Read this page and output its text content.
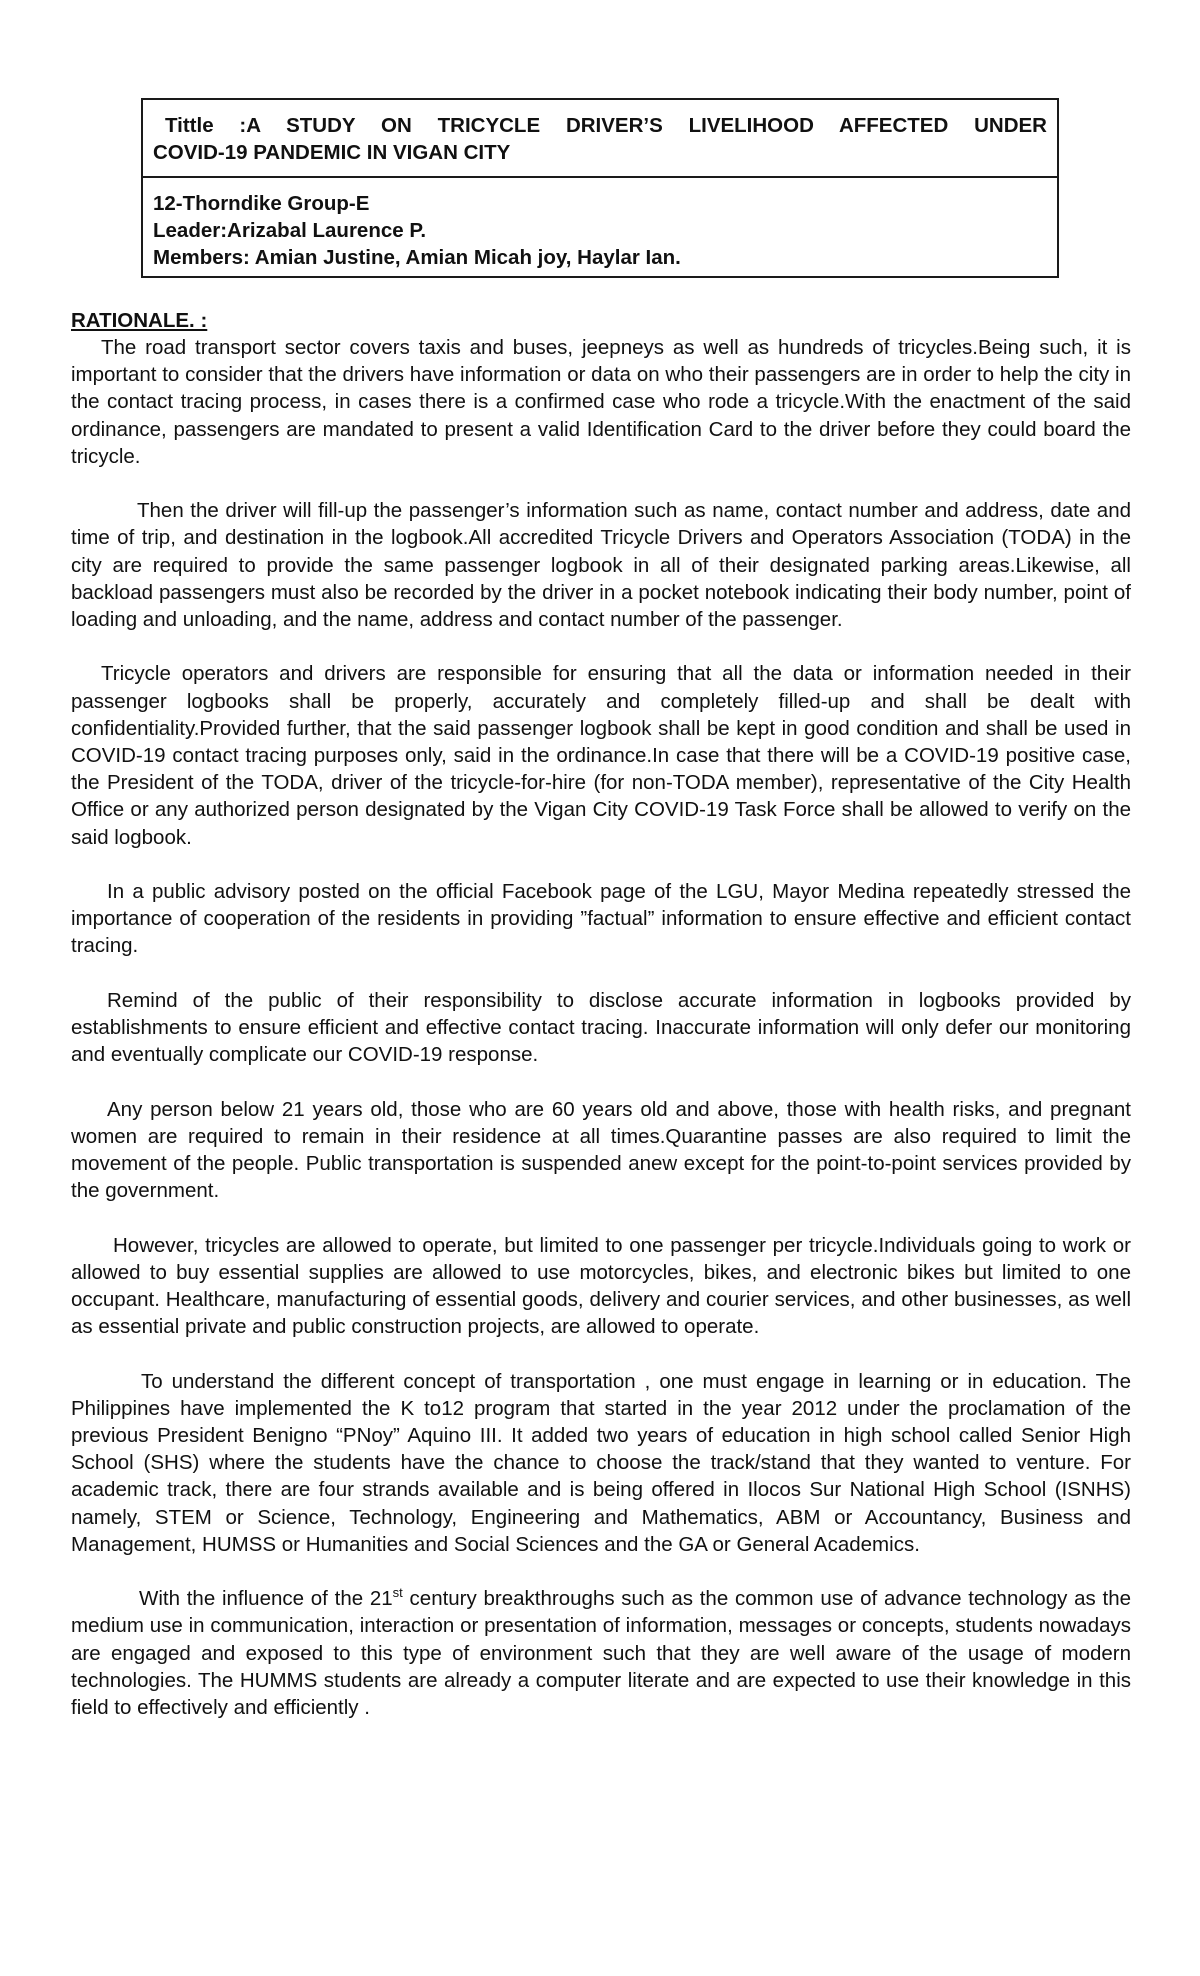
Tittle :A STUDY ON TRICYCLE DRIVER’S LIVELIHOOD AFFECTED UNDER
COVID-19 PANDEMIC IN VIGAN CITY
12-Thorndike Group-E
Leader:Arizabal Laurence P.
Members: Amian Justine, Amian Micah joy, Haylar Ian.
RATIONALE. :

The road transport sector covers taxis and buses, jeepneys as well as hundreds of tricycles.Being such, it is important to consider that the drivers have information or data on who their passengers are in order to help the city in the contact tracing process, in cases there is a confirmed case who rode a tricycle.With the enactment of the said ordinance, passengers are mandated to present a valid Identification Card to the driver before they could board the tricycle.

Then the driver will fill-up the passenger’s information such as name, contact number and address, date and time of trip, and destination in the logbook.All accredited Tricycle Drivers and Operators Association (TODA) in the city are required to provide the same passenger logbook in all of their designated parking areas.Likewise, all backload passengers must also be recorded by the driver in a pocket notebook indicating their body number, point of loading and unloading, and the name, address and contact number of the passenger.

Tricycle operators and drivers are responsible for ensuring that all the data or information needed in their passenger logbooks shall be properly, accurately and completely filled-up and shall be dealt with confidentiality.Provided further, that the said passenger logbook shall be kept in good condition and shall be used in COVID-19 contact tracing purposes only, said in the ordinance.In case that there will be a COVID-19 positive case, the President of the TODA, driver of the tricycle-for-hire (for non-TODA member), representative of the City Health Office or any authorized person designated by the Vigan City COVID-19 Task Force shall be allowed to verify on the said logbook.

In a public advisory posted on the official Facebook page of the LGU, Mayor Medina repeatedly stressed the importance of cooperation of the residents in providing ”factual” information to ensure effective and efficient contact tracing.

Remind of the public of their responsibility to disclose accurate information in logbooks provided by establishments to ensure efficient and effective contact tracing. Inaccurate information will only defer our monitoring and eventually complicate our COVID-19 response.

Any person below 21 years old, those who are 60 years old and above, those with health risks, and pregnant women are required to remain in their residence at all times.Quarantine passes are also required to limit the movement of the people. Public transportation is suspended anew except for the point-to-point services provided by the government.

However, tricycles are allowed to operate, but limited to one passenger per tricycle.Individuals going to work or allowed to buy essential supplies are allowed to use motorcycles, bikes, and electronic bikes but limited to one occupant. Healthcare, manufacturing of essential goods, delivery and courier services, and other businesses, as well as essential private and public construction projects, are allowed to operate.

To understand the different concept of transportation , one must engage in learning or in education. The Philippines have implemented the K to12 program that started in the year 2012 under the proclamation of the previous President Benigno “PNoy” Aquino III. It added two years of education in high school called Senior High School (SHS) where the students have the chance to choose the track/stand that they wanted to venture. For academic track, there are four strands available and is being offered in Ilocos Sur National High School (ISNHS) namely, STEM or Science, Technology, Engineering and Mathematics, ABM or Accountancy, Business and Management, HUMSS or Humanities and Social Sciences and the GA or General Academics.

With the influence of the 21st century breakthroughs such as the common use of advance technology as the medium use in communication, interaction or presentation of information, messages or concepts, students nowadays are engaged and exposed to this type of environment such that they are well aware of the usage of modern technologies. The HUMMS students are already a computer literate and are expected to use their knowledge in this field to effectively and efficiently .
